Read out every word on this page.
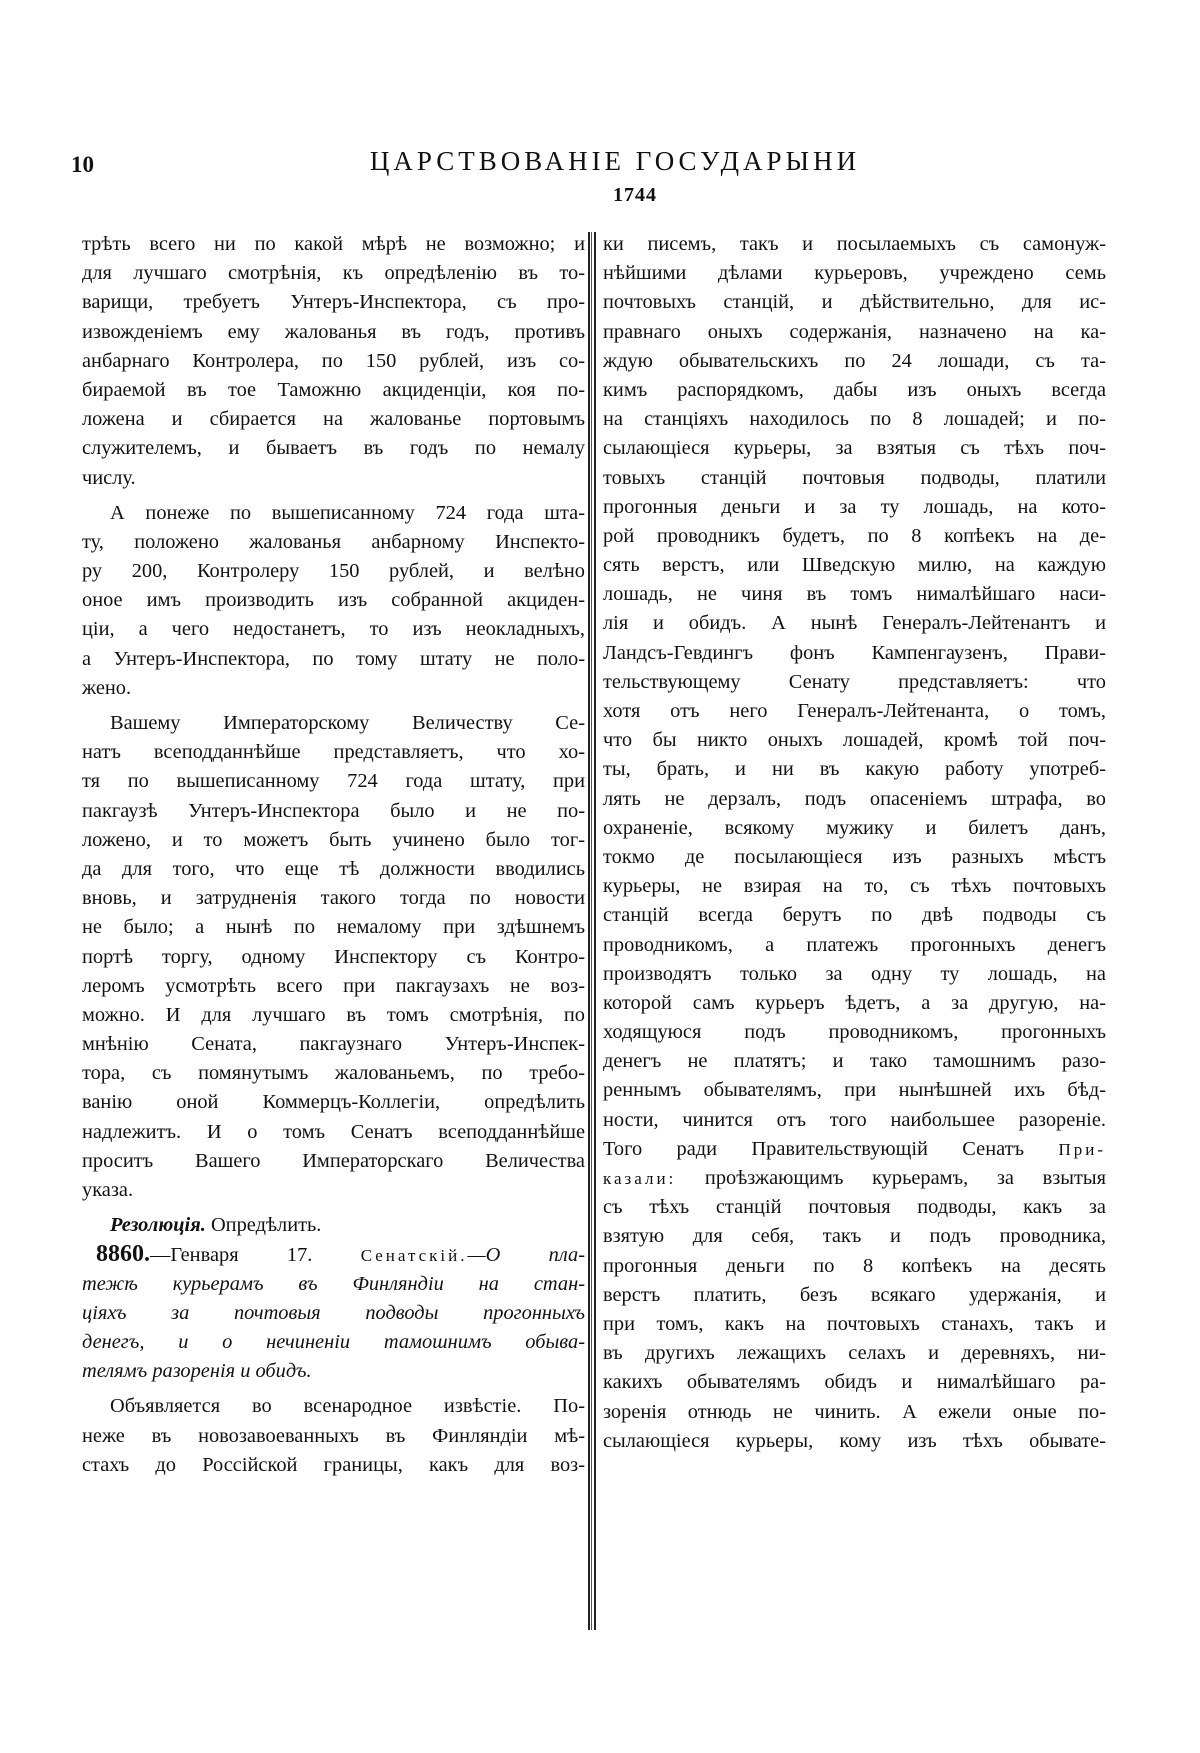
10	ЦАРСТВОВАНІЕ ГОСУДАРЫНИ
1744
трѣть всего ни по какой мѣрѣ не возможно; и
для лучшаго смотрѣнія, къ опредѣленію въ то-
варищи, требуетъ Унтеръ-Инспектора, съ про-
извожденіемъ ему жалованья въ годъ, противъ
анбарнаго Контролера, по 150 рублей, изъ со-
бираемой въ тое Таможню акциденціи, коя по-
ложена и сбирается на жалованье портовымъ
служителемъ, и бываетъ въ годъ по немалу
числу.
А понеже по вышеписанному 724 года шта-
ту, положено жалованья анбарному Инспекто-
ру 200, Контролеру 150 рублей, и велѣно
оное имъ производить изъ собранной акциден-
ціи, а чего недостанетъ, то изъ неокладныхъ,
а Унтеръ-Инспектора, по тому штату не поло-
жено.
Вашему Императорскому Величеству Се-
натъ всеподданнѣйше представляетъ, что хо-
тя по вышеписанному 724 года штату, при
пакгаузѣ Унтеръ-Инспектора было и не по-
ложено, и то можетъ быть учинено было тог-
да для того, что еще тѣ должности вводились
вновь, и затрудненія такого тогда по новости
не было; а нынѣ по немалому при здѣшнемъ
портѣ торгу, одному Инспектору съ Контро-
леромъ усмотрѣть всего при пакгаузахъ не воз-
можно. И для лучшаго въ томъ смотрѣнія, по
мнѣнію Сената, пакгаузнаго Унтеръ-Инспек-
тора, съ помянутымъ жалованьемъ, по требо-
ванію оной Коммерцъ-Коллегіи, опредѣлить
надлежитъ. И о томъ Сенатъ всеподданнѣйше
проситъ Вашего Императорскаго Величества
указа.
Резолюція. Опредѣлить.
8860.—Генваря 17.	Сенатскій.—О пла-
тежѣ курьерамъ въ Финляндіи на стан-
ціяхъ за почтовыя подводы прогонныхъ
денегъ, и о нечиненіи тамошнимъ обыва-
телямъ разоренія и обидъ.
Объявляется во всенародное извѣстіе. По-
неже въ новозавоеванныхъ въ Финляндіи мѣ-
стахъ до Россійской границы, какъ для воз-
ки писемъ, такъ и посылаемыхъ съ самонуж-
нѣйшими дѣлами курьеровъ, учреждено семь
почтовыхъ станцій, и дѣйствительно, для ис-
правнаго оныхъ содержанія, назначено на ка-
ждую обывательскихъ по 24 лошади, съ та-
кимъ распорядкомъ, дабы изъ оныхъ всегда
на станціяхъ находилось по 8 лошадей; и по-
сылающіеся курьеры, за взятыя съ тѣхъ поч-
товыхъ станцій почтовыя подводы, платили
прогонныя деньги и за ту лошадь, на кото-
рой проводникъ будетъ, по 8 копѣекъ на де-
сять верстъ, или Шведскую милю, на каждую
лошадь, не чиня въ томъ нималѣйшаго наси-
лія и обидъ. А нынѣ Генералъ-Лейтенантъ и
Ландсъ-Гевдингъ фонъ Кампенгаузенъ, Прави-
тельствующему Сенату представляетъ: что
хотя отъ него Генералъ-Лейтенанта, о томъ,
что бы никто оныхъ лошадей, кромѣ той поч-
ты, брать, и ни въ какую работу употреб-
лять не дерзалъ, подъ опасеніемъ штрафа, во
охраненіе, всякому мужику и билетъ данъ,
токмо де посылающіеся изъ разныхъ мѣстъ
курьеры, не взирая на то, съ тѣхъ почтовыхъ
станцій всегда берутъ по двѣ подводы съ
проводникомъ, а платежъ прогонныхъ денегъ
производятъ только за одну ту лошадь, на
которой самъ курьеръ ѣдетъ, а за другую, на-
ходящуюся подъ проводникомъ, прогонныхъ
денегъ не платятъ; и тако тамошнимъ разо-
реннымъ обывателямъ, при нынѣшней ихъ бѣд-
ности, чинится отъ того наибольшее разореніе.
Того ради Правительствующій Сенатъ При-
казали: проѣзжающимъ курьерамъ, за взытыя
съ тѣхъ станцій почтовыя подводы, какъ за
взятую для себя, такъ и подъ проводника,
прогонныя деньги по 8 копѣекъ на десять
верстъ платить, безъ всякаго удержанія, и
при томъ, какъ на почтовыхъ станахъ, такъ и
въ другихъ лежащихъ селахъ и деревняхъ, ни-
какихъ обывателямъ обидъ и нималѣйшаго ра-
зоренія отнюдь не чинить. А ежели оные по-
сылающіеся курьеры, кому изъ тѣхъ обывате-
